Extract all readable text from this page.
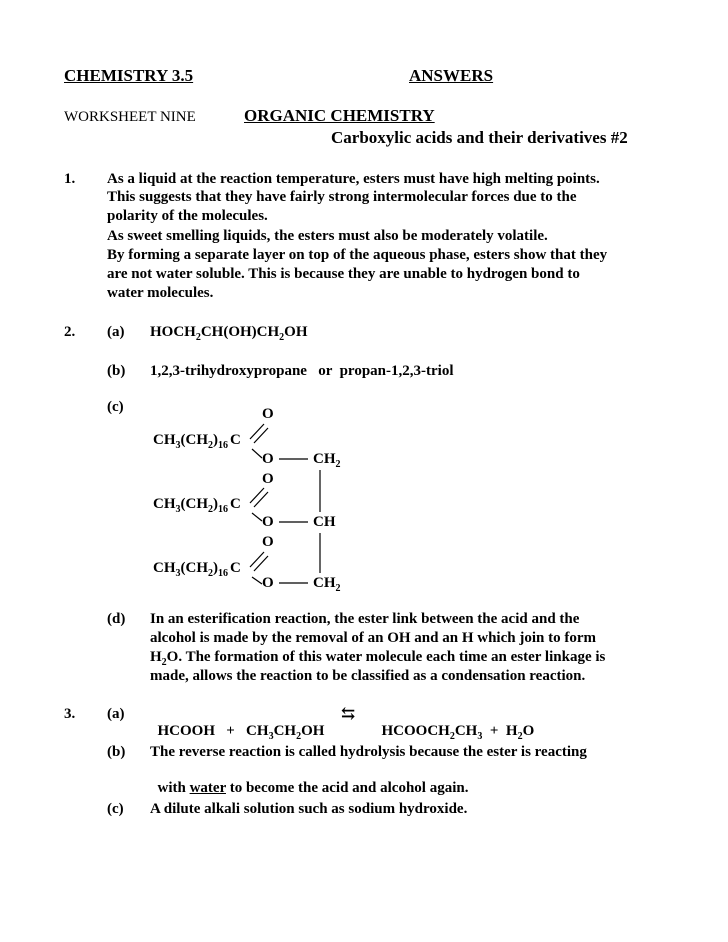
CHEMISTRY 3.5	ANSWERS
WORKSHEET NINE	ORGANIC CHEMISTRY
Carboxylic acids and their derivatives #2
1. As a liquid at the reaction temperature, esters must have high melting points.
This suggests that they have fairly strong intermolecular forces due to the
polarity of the molecules.
As sweet smelling liquids, the esters must also be moderately volatile.
By forming a separate layer on top of the aqueous phase, esters show that they
are not water soluble. This is because they are unable to hydrogen bond to
water molecules.
2. (a) $HOCH_2CH(OH)CH_2OH$
(b) 1,2,3-trihydroxypropane   or  propan-1,2,3-triol
(c)	O
$CH_3(CH_2)_{16}$ C
O	$CH_2$
O
$CH_3(CH_2)_{16}$ C
O	CH
O
$CH_3(CH_2)_{16}$ C
O	$CH_2$
(d) In an esterification reaction, the ester link between the acid and the
alcohol is made by the removal of an OH and an H which join to form
$H_2O$. The formation of this water molecule each time an ester linkage is
made, allows the reaction to be classified as a condensation reaction.
3. (a)

HCOOH   +   $CH_3CH_2OH$

⇆

$HCOOCH_2CH_3 + H_2O$

(b) The reverse reaction is called hydrolysis because the ester is reacting

with water to become the acid and alcohol again.

(c) A dilute alkali solution such as sodium hydroxide.
